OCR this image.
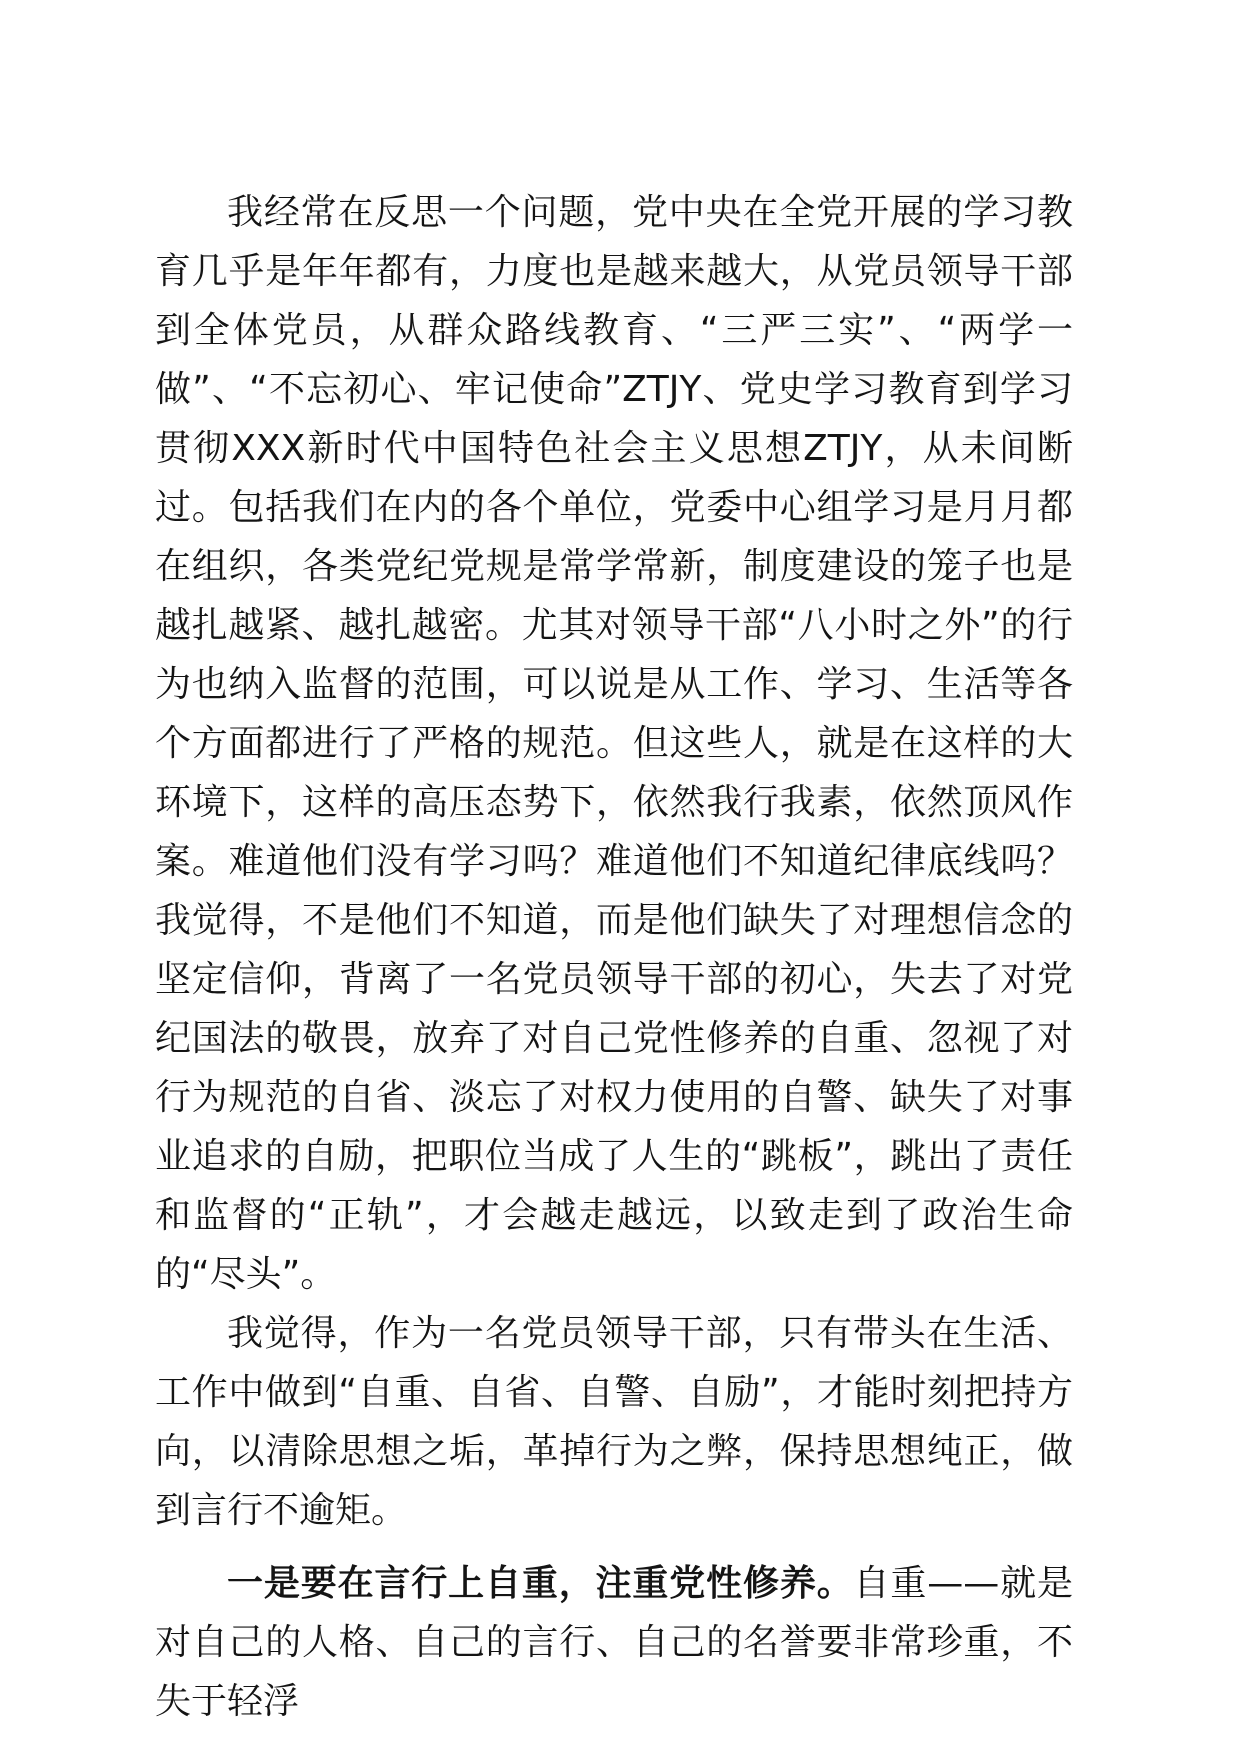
我经常在反思一个问题，党中央在全党开展的学习教育几乎是年年都有，力度也是越来越大，从党员领导干部到全体党员，从群众路线教育、“三严三实”、“两学一做”、“不忘初心、牢记使命”ZTJY、党史学习教育到学习贯彻XXX新时代中国特色社会主义思想ZTJY，从未间断过。包括我们在内的各个单位，党委中心组学习是月月都在组织，各类党纪党规是常学常新，制度建设的笼子也是越扎越紧、越扎越密。尤其对领导干部“八小时之外”的行为也纳入监督的范围，可以说是从工作、学习、生活等各个方面都进行了严格的规范。但这些人，就是在这样的大环境下，这样的高压态势下，依然我行我素，依然顶风作案。难道他们没有学习吗？难道他们不知道纪律底线吗？我觉得，不是他们不知道，而是他们缺失了对理想信念的坚定信仰，背离了一名党员领导干部的初心，失去了对党纪国法的敬畏，放弃了对自己党性修养的自重、忽视了对行为规范的自省、淡忘了对权力使用的自警、缺失了对事业追求的自励，把职位当成了人生的“跳板”，跳出了责任和监督的“正轨”，才会越走越远，以致走到了政治生命的“尽头”。

我觉得，作为一名党员领导干部，只有带头在生活、工作中做到“自重、自省、自警、自励”，才能时刻把持方向，以清除思想之垢，革掉行为之弊，保持思想纯正，做到言行不逾矩。

一是要在言行上自重，注重党性修养。自重——就是对自己的人格、自己的言行、自己的名誉要非常珍重，不失于轻浮
